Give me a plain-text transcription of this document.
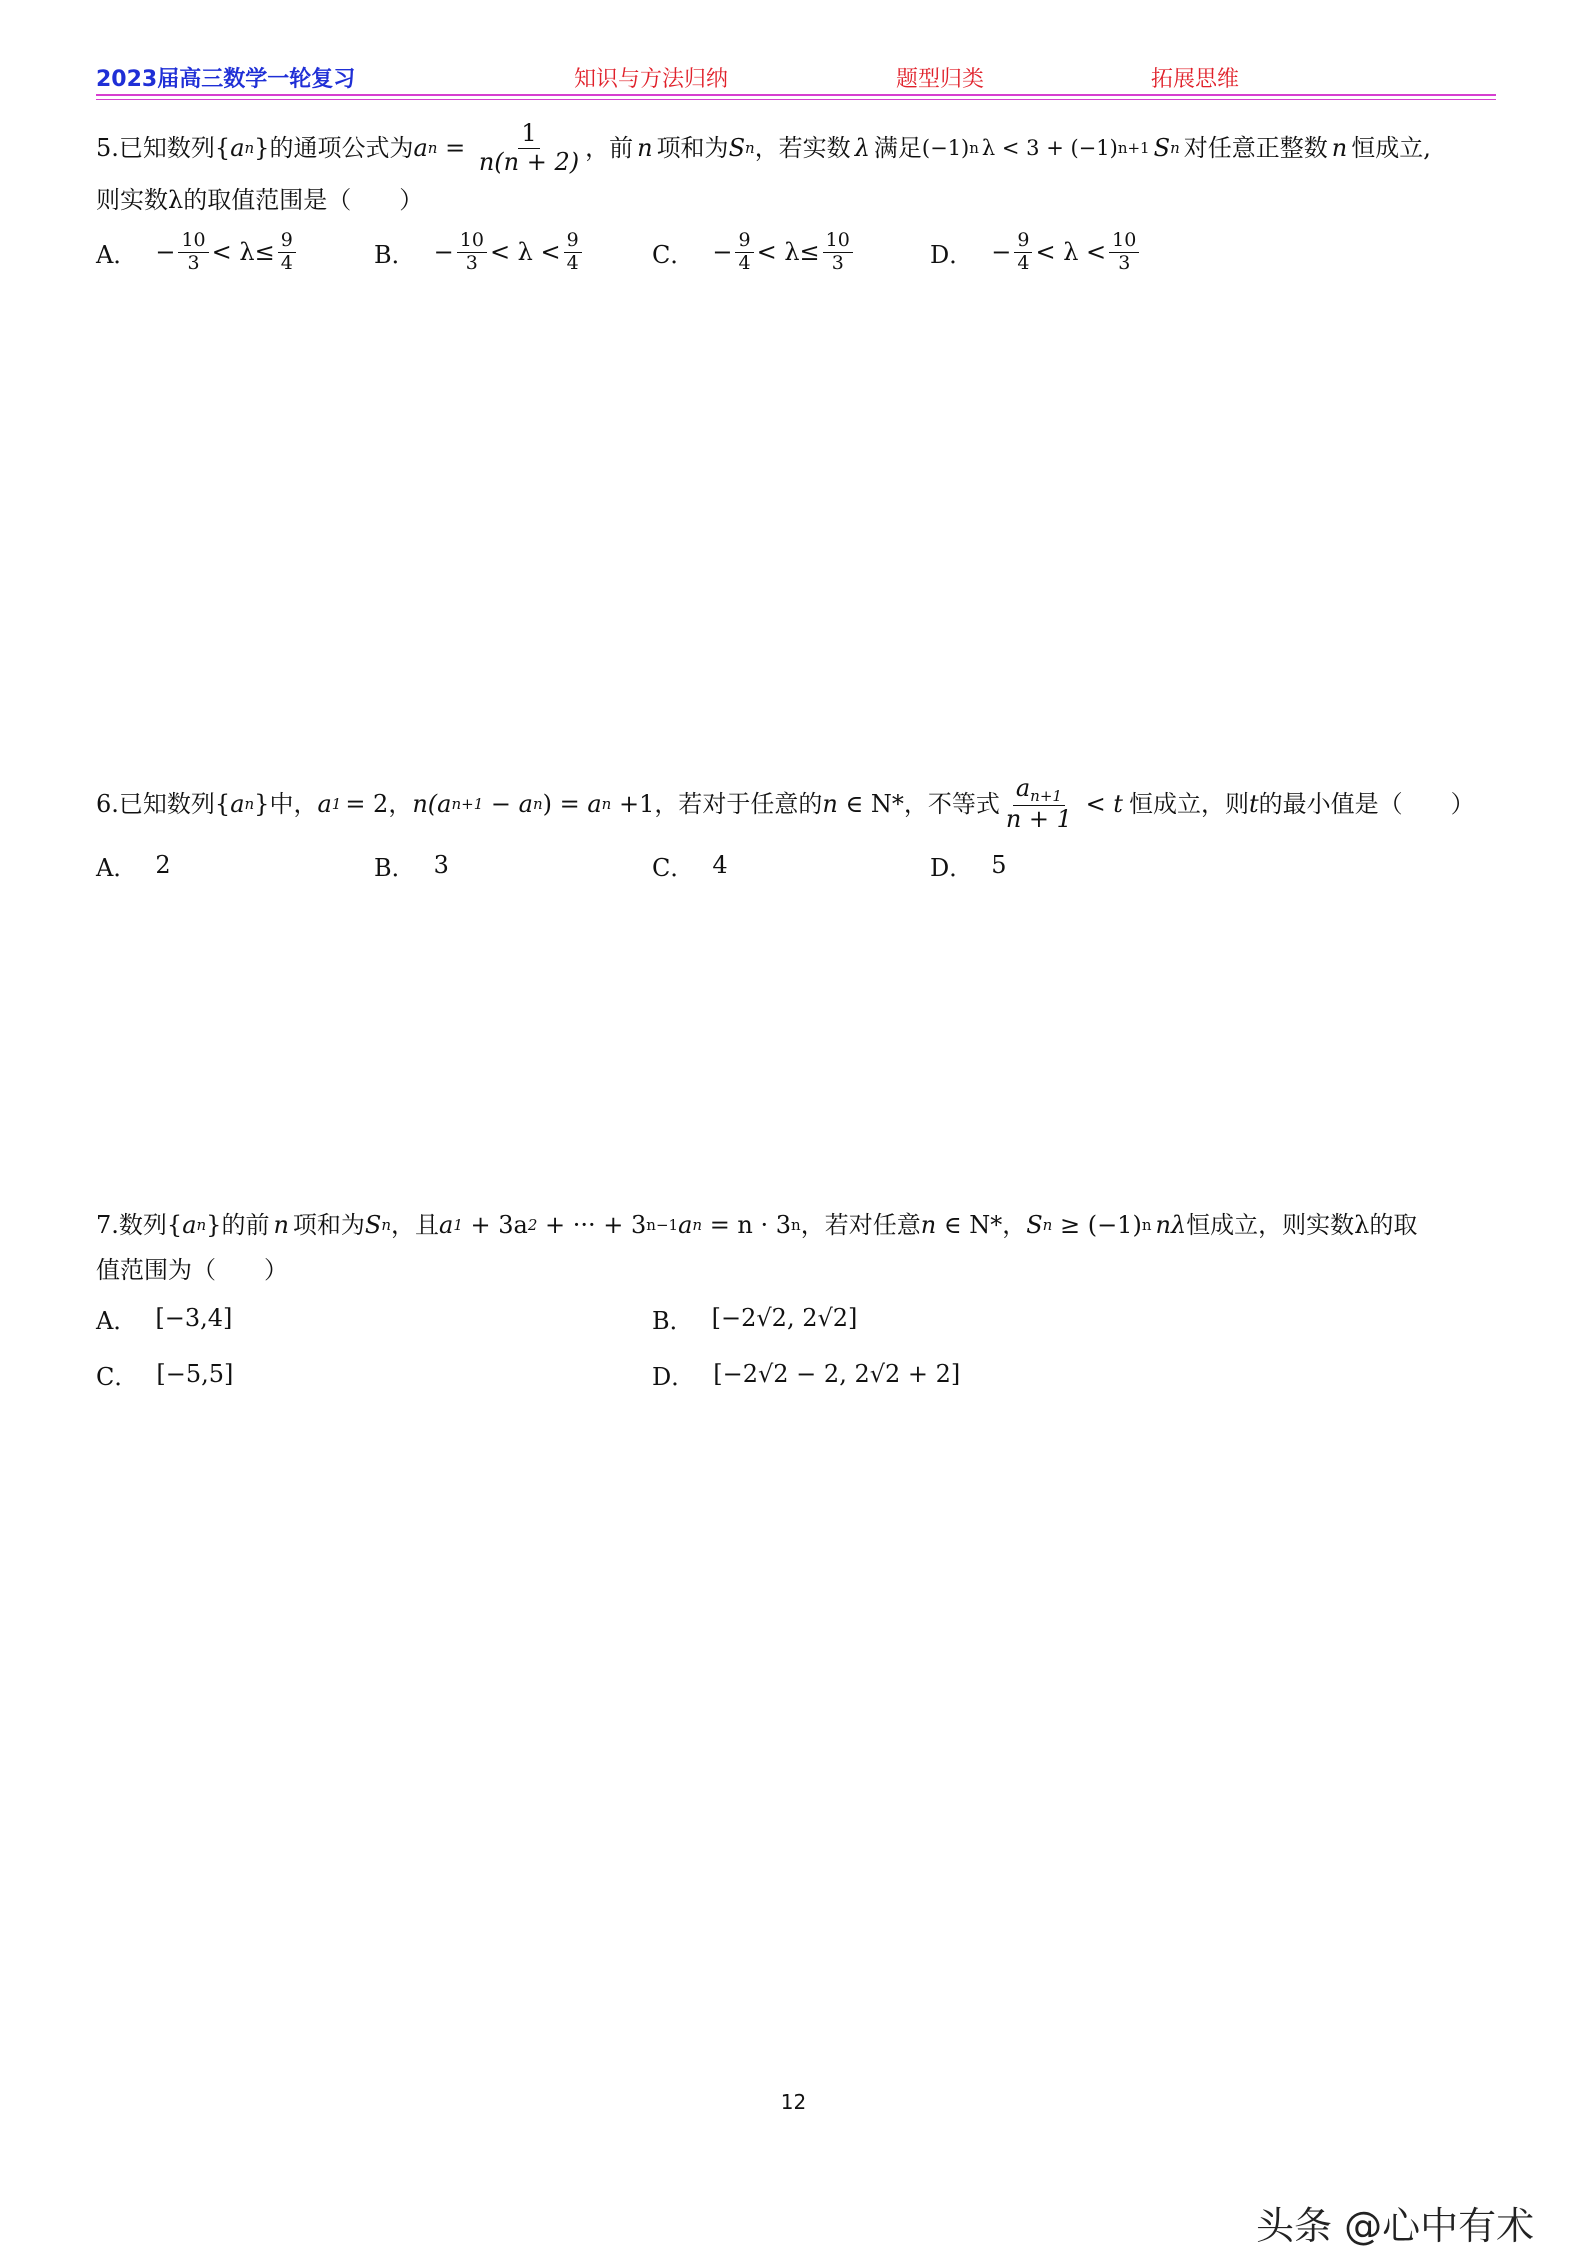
2023届高三数学一轮复习	知识与方法归纳	题型归类	拓展思维
5.已知数列 { a n } 的通项公式为 a $n = \frac{1}{n(n + 2)}$ ，前 n 项和为 S n ，若实数 λ 满足 (−1) n λ < 3 + (−1) n+1 S n 对任意正整数 n 恒成立,
则实数λ的取值范围是（　　）
A． − $\frac{10}{3} < \lambda\le \frac{9}{4}$	B． − $\frac{10}{3} < \lambda < \frac{9}{4}$	C． − $\frac{9}{4} < \lambda\le \frac{10}{3}$	D． − $\frac{9}{4} < \lambda < \frac{10}{3}$
6.已知数列 { a n } 中， a 1 = 2， n( a n+1 − a n ) = a n +1，若对于任意的 n ∈ N*，不等式 $\frac{a_{n+1}}{n + 1} < t$ 恒成立，则 t 的最小值是（　　）
A． 2	B． 3	C． 4	D． 5
7.数列 { a n } 的前 n 项和为 S n ，且 a 1 + 3a 2 + ··· + 3 n−1 a n = n · 3 n ，若对任意 n ∈ N*， S n ≥ (−1) n nλ 恒成立，则实数λ的取
值范围为（　　）
A． [−3,4]	B． [−2√2, 2√2]
C． [−5,5]	D． [−2√2 − 2, 2√2 + 2]
12
头条 @心中有术
